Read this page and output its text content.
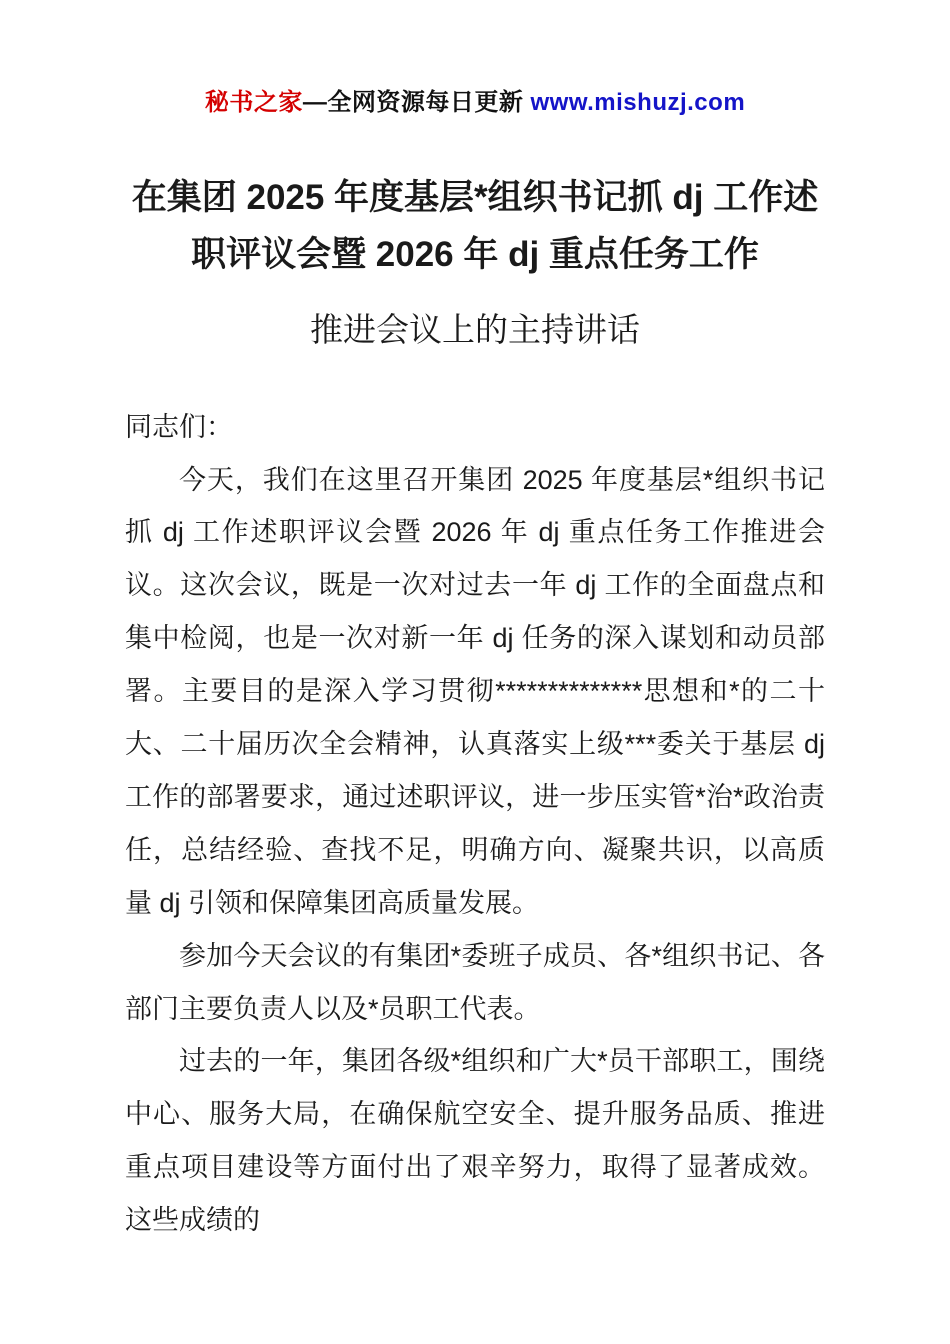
秘书之家—全网资源每日更新 www.mishuzj.com
在集团 2025 年度基层*组织书记抓 dj 工作述职评议会暨 2026 年 dj 重点任务工作
推进会议上的主持讲话

同志们：

今天，我们在这里召开集团 2025 年度基层*组织书记抓 dj 工作述职评议会暨 2026 年 dj 重点任务工作推进会议。这次会议，既是一次对过去一年 dj 工作的全面盘点和集中检阅，也是一次对新一年 dj 任务的深入谋划和动员部署。主要目的是深入学习贯彻**************思想和*的二十大、二十届历次全会精神，认真落实上级***委关于基层 dj 工作的部署要求，通过述职评议，进一步压实管*治*政治责任，总结经验、查找不足，明确方向、凝聚共识，以高质量 dj 引领和保障集团高质量发展。

参加今天会议的有集团*委班子成员、各*组织书记、各部门主要负责人以及*员职工代表。

过去的一年，集团各级*组织和广大*员干部职工，围绕中心、服务大局，在确保航空安全、提升服务品质、推进重点项目建设等方面付出了艰辛努力，取得了显著成效。这些成绩的
